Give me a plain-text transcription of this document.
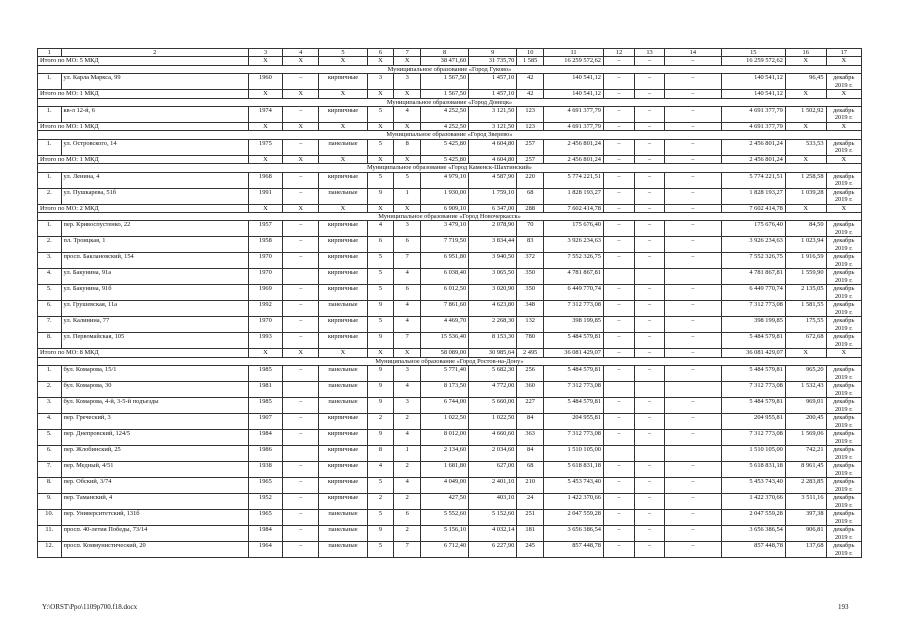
1	2	3	4	5	6	7	8	9	10	11	12	13	14	15	16	17
Итого по МО: 5 МКД		X	X	X	X	X	38 471,60	31 735,70	1 585	16 259 572,62	–	–	–	16 259 572,62	X	X
Муниципальное образование «Город Гуково»																
1.	ул. Карла Маркса, 99	1960	–	кирпичные	3	3	1 567,50	1 457,10	42	140 541,12	–	–	–	140 541,12	96,45	декабрь 2019 г.
Итого по МО: 1 МКД		X	X	X	X	X	1 567,50	1 457,10	42	140 541,12	–	–	–	140 541,12	X	X
Муниципальное образование «Город Донецк»																
1.	кв-л 12-й, 6	1974	–	кирпичные	5	4	4 252,50	3 121,50	123	4 691 377,79	–	–	–	4 691 377,79	1 502,92	декабрь 2019 г.
Итого по МО: 1 МКД		X	X	X	X	X	4 252,50	3 121,50	123	4 691 377,79	–	–	–	4 691 377,79	X	X
Муниципальное образование «Город Зверево»																
1.	ул. Островского, 14	1975	–	панельные	5	8	5 425,80	4 604,80	257	2 456 801,24	–	–	–	2 456 801,24	533,53	декабрь 2019 г.
Итого по МО: 1 МКД		X	X	X	X	X	5 425,80	4 604,80	257	2 456 801,24	–	–	–	2 456 801,24	X	X
Муниципальное образование «Город Каменск-Шахтинский»																
1.	ул. Ленина, 4	1968	–	кирпичные	5	5	4 979,10	4 587,90	220	5 774 221,51	–	–	–	5 774 221,51	1 258,58	декабрь 2019 г.
2.	ул. Пушкарева, 51б	1991	–	панельные	9	1	1 930,00	1 759,10	68	1 828 193,27	–	–	–	1 828 193,27	1 039,28	декабрь 2019 г.
Итого по МО: 2 МКД		X	X	X	X	X	6 909,10	6 347,00	288	7 602 414,78	–	–	–	7 602 414,78	X	X
Муниципальное образование «Город Новочеркасск»																
1.	пер. Кривоспустенко, 22	1957	–	кирпичные	4	3	3 479,10	2 078,90	70	175 676,40	–	–	–	175 676,40	84,50	декабрь 2019 г.
2.	пл. Троицкая, 1	1958	–	кирпичные	6	6	7 719,50	3 834,44	83	3 926 234,63	–	–	–	3 926 234,63	1 023,94	декабрь 2019 г.
3.	просп. Баклановский, 154	1970	–	кирпичные	5	7	6 951,80	3 940,50	372	7 552 326,75	–	–	–	7 552 326,75	1 916,59	декабрь 2019 г.
4.	ул. Бакунина, 91а	1970		кирпичные	5	4	6 038,40	3 065,50	350	4 781 867,81				4 781 867,81	1 559,90	декабрь 2019 г.
5.	ул. Бакунина, 91б	1969	–	кирпичные	5	6	6 012,50	3 020,90	350	6 449 770,74	–	–	–	6 449 770,74	2 135,05	декабрь 2019 г.
6.	ул. Грушевская, 11а	1992	–	панельные	9	4	7 861,60	4 623,80	348	7 312 773,08	–	–	–	7 312 773,08	1 581,55	декабрь 2019 г.
7.	ул. Калинина, 77	1970	–	кирпичные	5	4	4 469,70	2 268,30	132	398 199,85	–	–	–	398 199,85	175,55	декабрь 2019 г.
8.	ул. Первомайская, 105	1993	–	кирпичные	9	7	15 536,40	8 153,30	780	5 484 579,81	–	–	–	5 484 579,81	672,68	декабрь 2019 г.
Итого по МО: 8 МКД		X	X	X	X	X	58 089,00	30 985,64	2 495	36 081 429,07	–	–	–	36 081 429,07	X	X
Муниципальное образование «Город Ростов-на-Дону»																
1.	бул. Комарова, 15/1	1985	–	панельные	9	3	5 771,40	5 682,30	256	5 484 579,81	–	–	–	5 484 579,81	965,20	декабрь 2019 г.
2.	бул. Комарова, 30	1981		панельные	9	4	8 173,50	4 772,00	360	7 312 773,08				7 312 773,08	1 532,43	декабрь 2019 г.
3.	бул. Комарова, 4-й, 3-5-й подъезды	1985	–	панельные	9	3	6 744,00	5 660,00	227	5 484 579,81	–	–	–	5 484 579,81	969,01	декабрь 2019 г.
4.	пер. Греческий, 3	1907	–	кирпичные	2	2	1 022,50	1 022,50	84	204 955,81	–	–	–	204 955,81	200,45	декабрь 2019 г.
5.	пер. Днепровский, 124/5	1984	–	кирпичные	9	4	8 012,00	4 660,60	363	7 312 773,08	–	–	–	7 312 773,08	1 569,06	декабрь 2019 г.
6.	пер. Жлобинский, 25	1986		кирпичные	8	1	2 134,60	2 034,60	84	1 510 105,00				1 510 105,00	742,21	декабрь 2019 г.
7.	пер. Медный, 4/51	1938	–	кирпичные	4	2	1 681,80	627,00	68	5 618 831,18	–	–	–	5 618 831,18	8 961,45	декабрь 2019 г.
8.	пер. Обский, 3/74	1965	–	кирпичные	5	4	4 049,00	2 401,10	210	5 453 743,40	–	–	–	5 453 743,40	2 283,85	декабрь 2019 г.
9.	пер. Таманский, 4	1952	–	кирпичные	2	2	427,50	403,10	24	1 422 370,66	–	–	–	1 422 370,66	3 511,16	декабрь 2019 г.
10.	пер. Университетский, 131б	1965	–	панельные	5	6	5 552,60	5 152,60	251	2 047 559,28	–	–	–	2 047 559,28	397,38	декабрь 2019 г.
11.	просп. 40-летия Победы, 73/14	1984	–	панельные	9	2	5 156,10	4 032,14	181	3 656 386,54	–	–	–	3 656 386,54	906,81	декабрь 2019 г.
12.	просп. Коммунистический, 20	1964	–	панельные	5	7	6 712,40	6 227,90	245	857 448,78	–	–	–	857 448,78	137,68	декабрь 2019 г.
Y:\ORST\Ppo\1109p700.f18.docx	193
